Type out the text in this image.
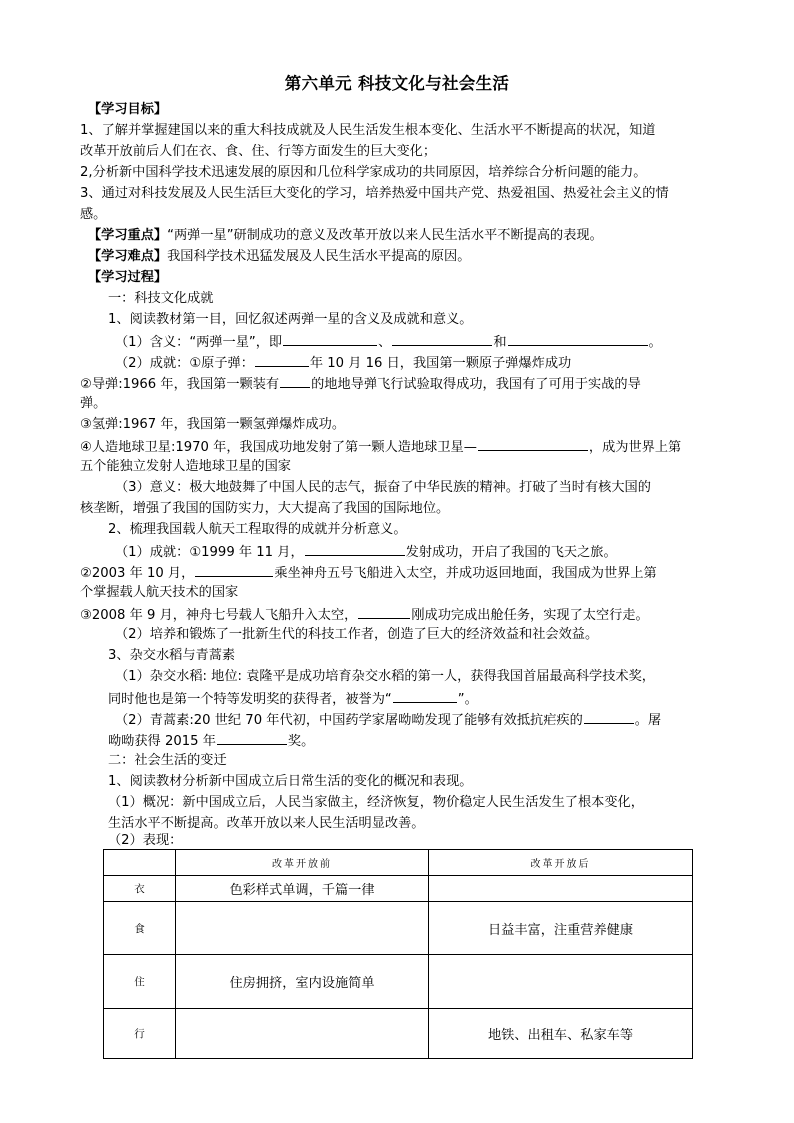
第六单元 科技文化与社会生活
【学习目标】
1、了解并掌握建国以来的重大科技成就及人民生活发生根本变化、生活水平不断提高的状况，知道
改革开放前后人们在衣、食、住、行等方面发生的巨大变化；
2,分析新中国科学技术迅速发展的原因和几位科学家成功的共同原因，培养综合分析问题的能力。
3、通过对科技发展及人民生活巨大变化的学习，培养热爱中国共产党、热爱祖国、热爱社会主义的情
感。
【学习重点】“两弹一星”研制成功的意义及改革开放以来人民生活水平不断提高的表现。
【学习难点】我国科学技术迅猛发展及人民生活水平提高的原因。
【学习过程】
一：科技文化成就
1、阅读教材第一目，回忆叙述两弹一星的含义及成就和意义。
（1）含义：“两弹一星”，即	、	和	。
（2）成就：①原子弹：	年 10 月 16 日，我国第一颗原子弹爆炸成功
②导弹:1966 年，我国第一颗装有 的地地导弹飞行试验取得成功，我国有了可用于实战的导
弹。
③氢弹:1967 年，我国第一颗氢弹爆炸成功。
④人造地球卫星:1970 年，我国成功地发射了第一颗人造地球卫星—	，成为世界上第
五个能独立发射人造地球卫星的国家
（3）意义：极大地鼓舞了中国人民的志气，振奋了中华民族的精神。打破了当时有核大国的
核垄断，增强了我国的国防实力，大大提高了我国的国际地位。
2、梳理我国载人航天工程取得的成就并分析意义。
（1）成就：①1999 年 11 月，	发射成功，开启了我国的飞天之旅。
②2003 年 10 月，	乘坐神舟五号飞船进入太空，并成功返回地面，我国成为世界上第
个掌握载人航天技术的国家
③2008 年 9 月，神舟七号载人飞船升入太空，	刚成功完成出舱任务，实现了太空行走。
（2）培养和锻炼了一批新生代的科技工作者，创造了巨大的经济效益和社会效益。
3、杂交水稻与青蒿素
（1）杂交水稻: 地位: 袁隆平是成功培育杂交水稻的第一人，获得我国首届最高科学技术奖，
同时他也是第一个特等发明奖的获得者，被誉为“	”。
（2）青蒿素:20 世纪 70 年代初，中国药学家屠呦呦发现了能够有效抵抗疟疾的	。屠
呦呦获得 2015 年	奖。
二：社会生活的变迁
1、阅读教材分析新中国成立后日常生活的变化的概况和表现。
（1）概况：新中国成立后，人民当家做主，经济恢复，物价稳定人民生活发生了根本变化，
生活水平不断提高。改革开放以来人民生活明显改善。
（2）表现：
	改革开放前	改革开放后
衣	色彩样式单调，千篇一律	
食		日益丰富，注重营养健康
住	住房拥挤，室内设施简单	
行		地铁、出租车、私家车等
